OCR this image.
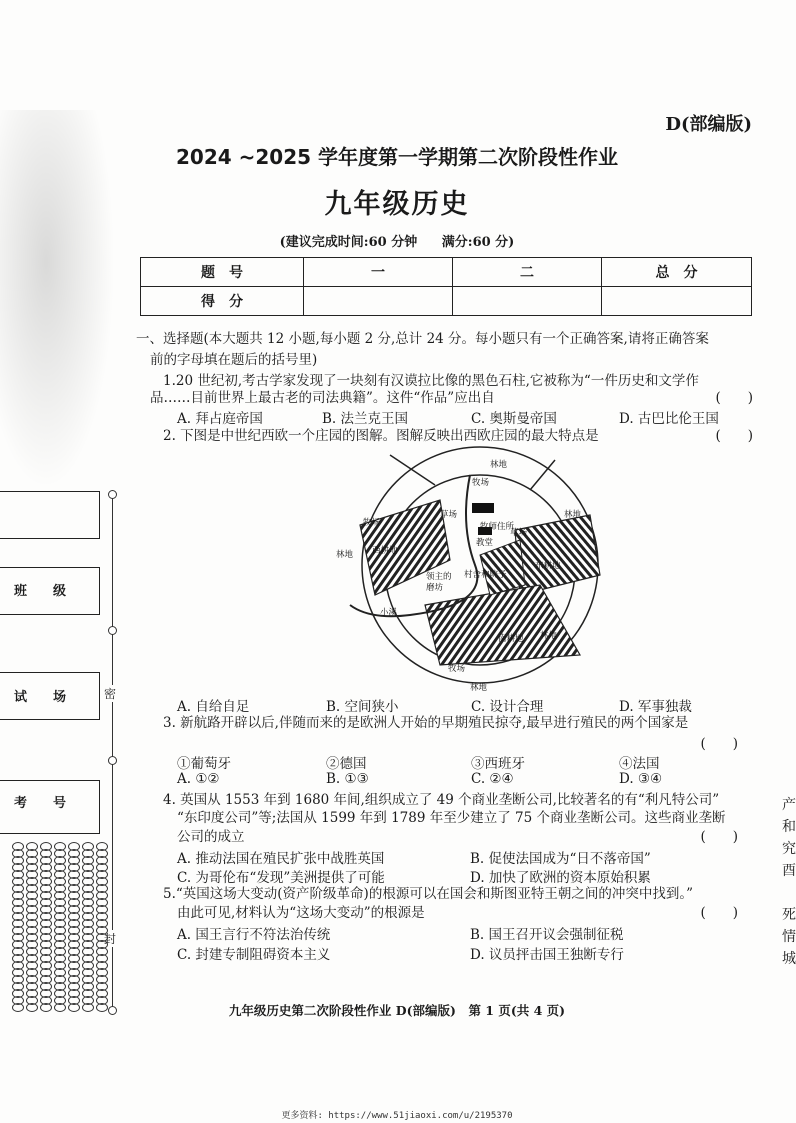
D(部编版)
2024 ~2025 学年度第一学期第二次阶段性作业
九年级历史
(建议完成时间:60 分钟 满分:60 分)
题　号	一	二	总　分
得　分			
班　　级
试　　场
考　　号
密
封
产
和
究
酉
死
情
城
一、选择题(本大题共 12 小题,每小题 2 分,总计 24 分。每小题只有一个正确答案,请将正确答案
前的字母填在题后的括号里)
1.20 世纪初,考古学家发现了一块刻有汉谟拉比像的黑色石柱,它被称为“一件历史和文学作
品……目前世界上最古老的司法典籍”。这件“作品”应出自	(　　)
A. 拜占庭帝国	B. 法兰克王国	C. 奥斯曼帝国	D. 古巴比伦王国
2. 下图是中世纪西欧一个庄园的图解。图解反映出西欧庄园的最大特点是	(　　)
林地
牧场
牧场
林地
林地
草场
草场
牧师住所
教堂
西耕地
东耕地
领主的
磨坊
村舍和院子
小溪
南耕地 林地
牧场
林地
A. 自给自足	B. 空间狭小	C. 设计合理	D. 军事独裁
3. 新航路开辟以后,伴随而来的是欧洲人开始的早期殖民掠夺,最早进行殖民的两个国家是
(　　)
①葡萄牙	②德国	③西班牙	④法国
A. ①②	B. ①③	C. ②④	D. ③④
4. 英国从 1553 年到 1680 年间,组织成立了 49 个商业垄断公司,比较著名的有“利凡特公司”
“东印度公司”等;法国从 1599 年到 1789 年至少建立了 75 个商业垄断公司。这些商业垄断
公司的成立	(　　)
A. 推动法国在殖民扩张中战胜英国	B. 促使法国成为“日不落帝国”
C. 为哥伦布“发现”美洲提供了可能	D. 加快了欧洲的资本原始积累
5.“英国这场大变动(资产阶级革命)的根源可以在国会和斯图亚特王朝之间的冲突中找到。”
由此可见,材料认为“这场大变动”的根源是	(　　)
A. 国王言行不符法治传统	B. 国王召开议会强制征税
C. 封建专制阻碍资本主义	D. 议员抨击国王独断专行
九年级历史第二次阶段性作业 D(部编版)　第 1 页(共 4 页)
更多资料: https://www.51jiaoxi.com/u/2195370
